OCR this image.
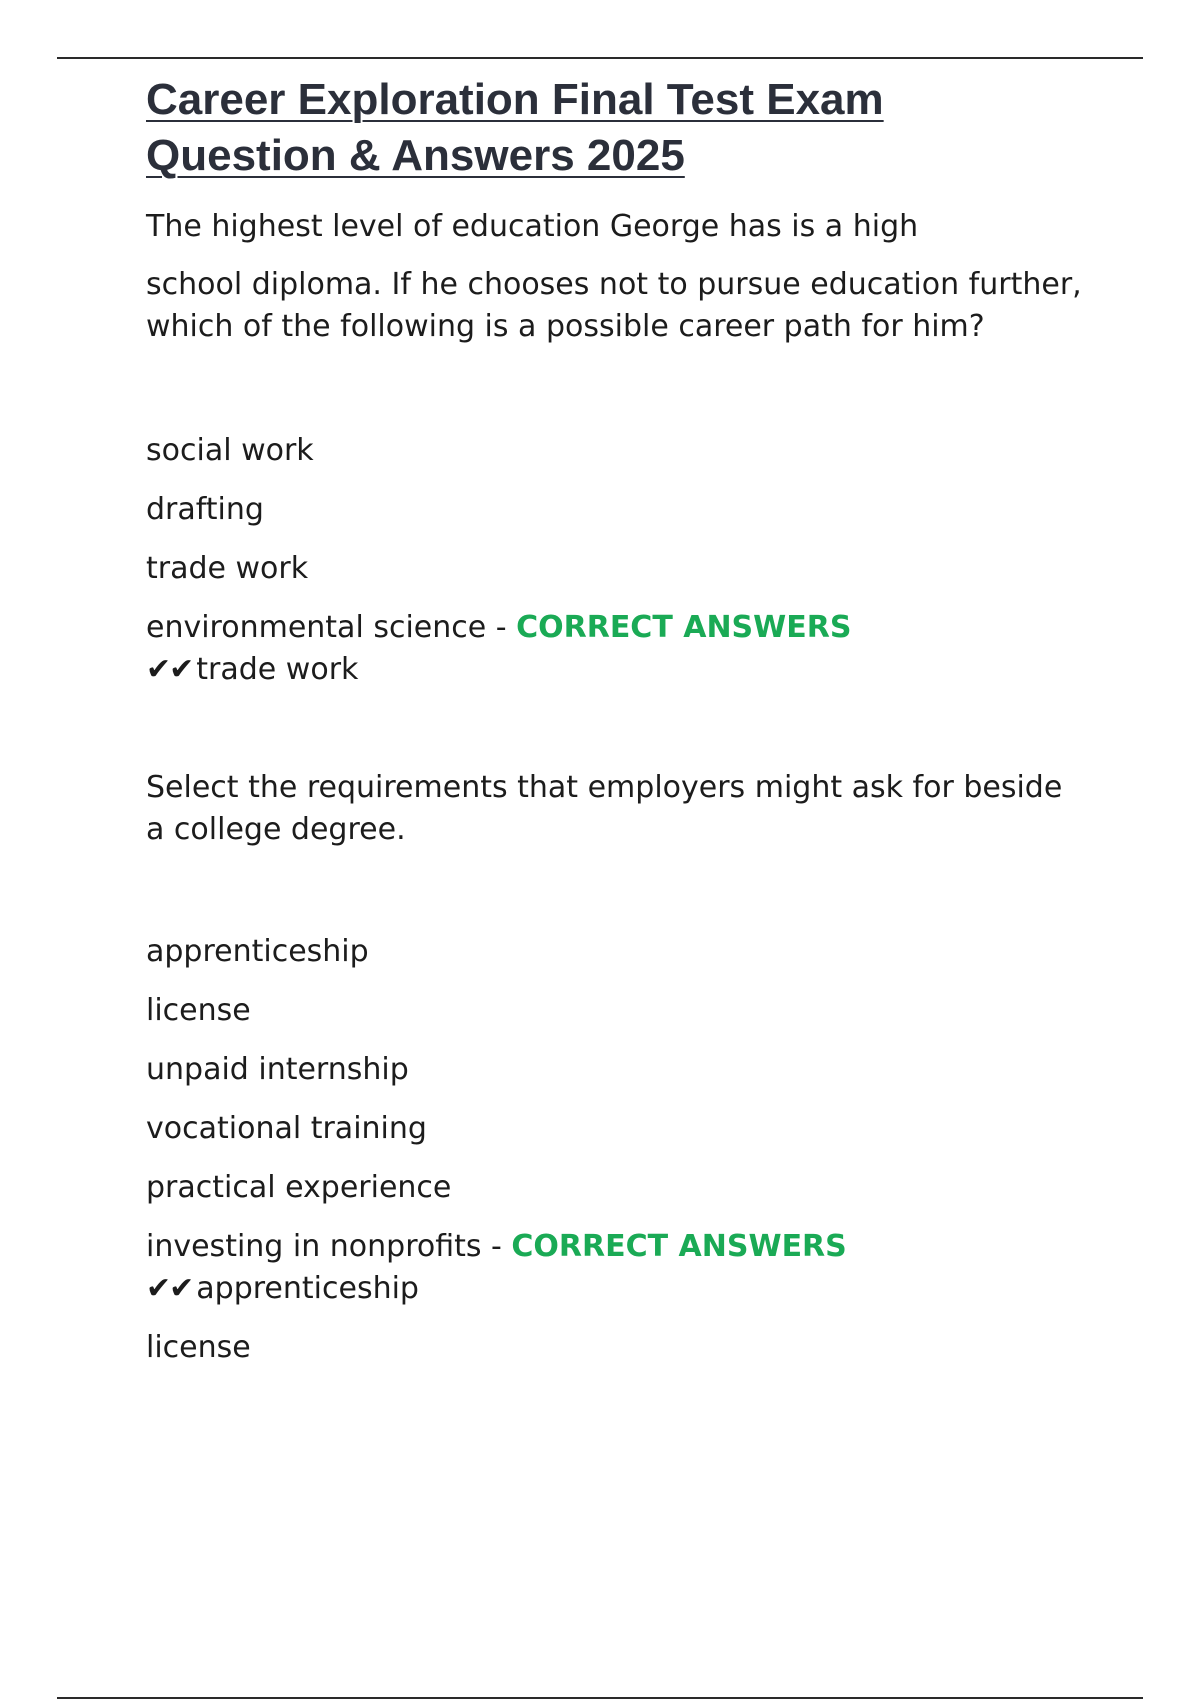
Career Exploration Final Test Exam Question & Answers 2025

The highest level of education George has is a high
school diploma. If he chooses not to pursue education further, which of the following is a possible career path for him?

social work
drafting
trade work
environmental science - CORRECT ANSWERS

✔✔ trade work

Select the requirements that employers might ask for beside a college degree.

apprenticeship
license
unpaid internship
vocational training
practical experience
investing in nonprofits - CORRECT ANSWERS

✔✔ apprenticeship

license
